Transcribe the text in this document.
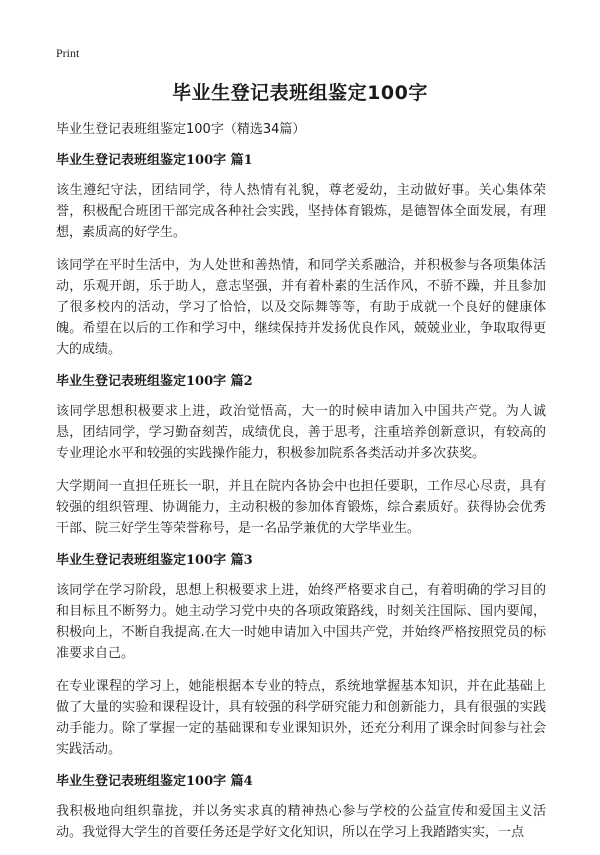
Print
毕业生登记表班组鉴定100字

毕业生登记表班组鉴定100字（精选34篇）

毕业生登记表班组鉴定100字 篇1

该生遵纪守法，团结同学，待人热情有礼貌，尊老爱幼，主动做好事。关心集体荣誉，积极配合班团干部完成各种社会实践，坚持体育锻炼，是德智体全面发展，有理想，素质高的好学生。

该同学在平时生活中，为人处世和善热情，和同学关系融洽，并积极参与各项集体活动，乐观开朗，乐于助人，意志坚强，并有着朴素的生活作风，不骄不躁，并且参加了很多校内的活动，学习了恰恰，以及交际舞等等，有助于成就一个良好的健康体魄。希望在以后的工作和学习中，继续保持并发扬优良作风，兢兢业业，争取取得更大的成绩。

毕业生登记表班组鉴定100字 篇2

该同学思想积极要求上进，政治觉悟高，大一的时候申请加入中国共产党。为人诚恳，团结同学，学习勤奋刻苦，成绩优良，善于思考，注重培养创新意识，有较高的专业理论水平和较强的实践操作能力，积极参加院系各类活动并多次获奖。

大学期间一直担任班长一职，并且在院内各协会中也担任要职，工作尽心尽责，具有较强的组织管理、协调能力，主动积极的参加体育锻炼，综合素质好。获得协会优秀干部、院三好学生等荣誉称号，是一名品学兼优的大学毕业生。

毕业生登记表班组鉴定100字 篇3

该同学在学习阶段，思想上积极要求上进，始终严格要求自己，有着明确的学习目的和目标且不断努力。她主动学习党中央的各项政策路线，时刻关注国际、国内要闻，积极向上，不断自我提高.在大一时她申请加入中国共产党，并始终严格按照党员的标准要求自己。

在专业课程的学习上，她能根据本专业的特点，系统地掌握基本知识，并在此基础上做了大量的实验和课程设计，具有较强的科学研究能力和创新能力，具有很强的实践动手能力。除了掌握一定的基础课和专业课知识外，还充分利用了课余时间参与社会实践活动。

毕业生登记表班组鉴定100字 篇4

我积极地向组织靠拢，并以务实求真的精神热心参与学校的公益宣传和爱国主义活动。我觉得大学生的首要任务还是学好文化知识，所以在学习上我踏踏实实，一点
